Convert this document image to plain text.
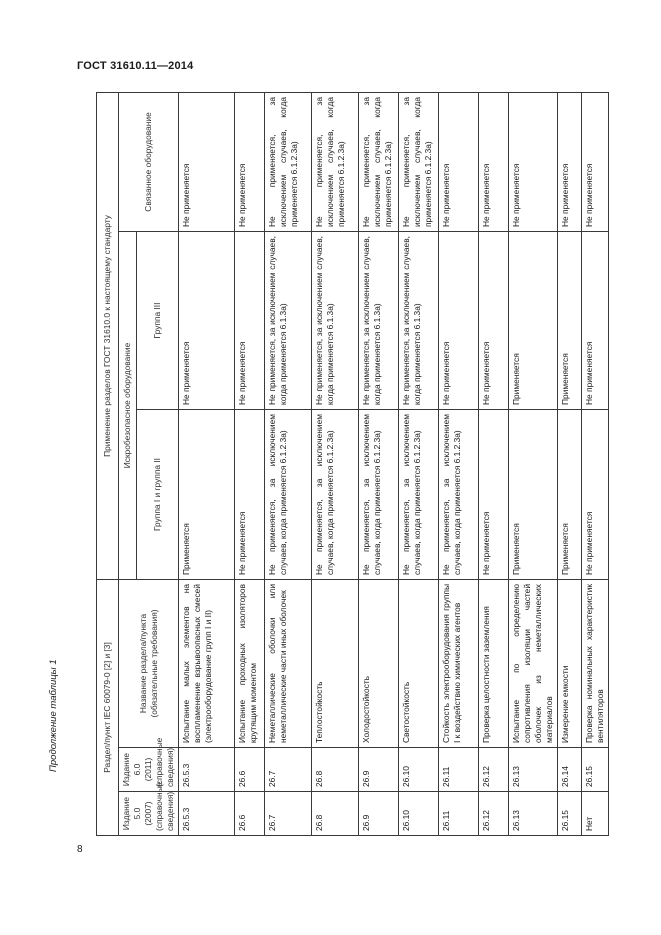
ГОСТ 31610.11—2014
8
Продолжение таблицы 1	Раздел/пункт IEC 60079-0 [2] и [3]			Применение разделов ГОСТ 31610.0 к настоящему стандарту		
Издание 5.0 (2007) (справочные сведения)	Издание 6.0 (2011) (справочные сведения)	Название раздела/пункта (обязательные требования)	Искробезопасное оборудование		Связанное оборудование
			Группа I и группа II	Группа III	
26.5.3	26.5.3	Испытание малых элементов на воспламенение взрывоопасных смесей (электрооборудование групп I и II)	Применяется	Не применяется	Не применяется
26.6	26.6	Испытание проходных изоляторов крутящим моментом	Не применяется	Не применяется	Не применяется
26.7	26.7	Неметаллические оболочки или неметаллические части иных оболочек	Не применяется, за исключением случаев, когда применяется 6.1.2.3а)	Не применяется, за исключением случаев, когда применяется 6.1.3а)	Не применяется, за исключением случаев, когда применяется 6.1.2.3а)
26.8	26.8	Теплостойкость	Не применяется, за исключением случаев, когда применяется 6.1.2.3а)	Не применяется, за исключением случаев, когда применяется 6.1.3а)	Не применяется, за исключением случаев, когда применяется 6.1.2.3а)
26.9	26.9	Холодостойкость	Не применяется, за исключением случаев, когда применяется 6.1.2.3а)	Не применяется, за исключением случаев, когда применяется 6.1.3а)	Не применяется, за исключением случаев, когда применяется 6.1.2.3а)
26.10	26.10	Светостойкость	Не применяется, за исключением случаев, когда применяется 6.1.2.3а)	Не применяется, за исключением случаев, когда применяется 6.1.3а)	Не применяется, за исключением случаев, когда применяется 6.1.2.3а)
26.11	26.11	Стойкость электрооборудования группы I к воздействию химических агентов	Не применяется, за исключением случаев, когда применяется 6.1.2.3а)	Не применяется	Не применяется
26.12	26.12	Проверка целостности заземления	Не применяется	Не применяется	Не применяется
26.13	26.13	Испытание по определению сопротивления изоляции частей оболочек из неметаллических материалов	Применяется	Применяется	Не применяется
26.15	26.14	Измерение емкости	Применяется	Применяется	Не применяется
Нет	26.15	Проверка номинальных характеристик вентиляторов	Не применяется	Не применяется	Не применяется
